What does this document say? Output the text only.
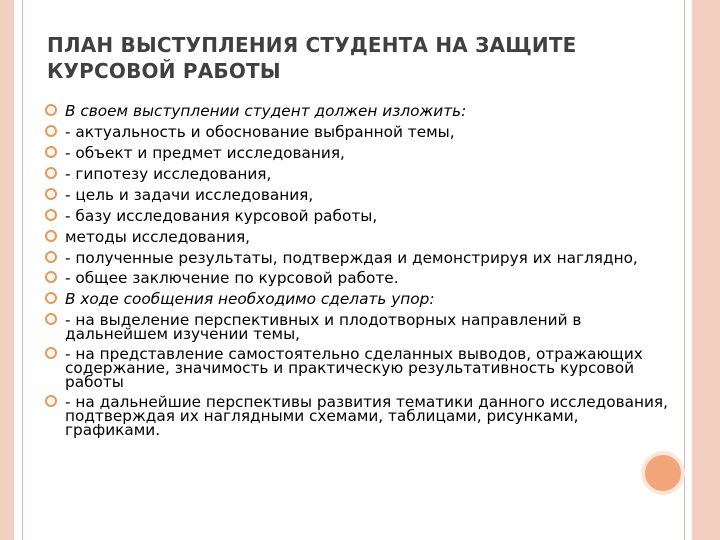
ПЛАН ВЫСТУПЛЕНИЯ СТУДЕНТА НА ЗАЩИТЕ КУРСОВОЙ РАБОТЫ
В своем выступлении студент должен изложить:
- актуальность и обоснование выбранной темы,
- объект и предмет исследования,
- гипотезу исследования,
- цель и задачи исследования,
- базу исследования курсовой работы,
методы исследования,
- полученные результаты, подтверждая и демонстрируя их наглядно,
- общее заключение по курсовой работе.
В ходе сообщения необходимо сделать упор:
- на выделение перспективных и плодотворных направлений в дальнейшем изучении темы,
- на представление самостоятельно сделанных выводов, отражающих содержание, значимость и практическую результативность курсовой работы
- на дальнейшие перспективы развития тематики данного исследования, подтверждая их наглядными схемами, таблицами, рисунками, графиками.
